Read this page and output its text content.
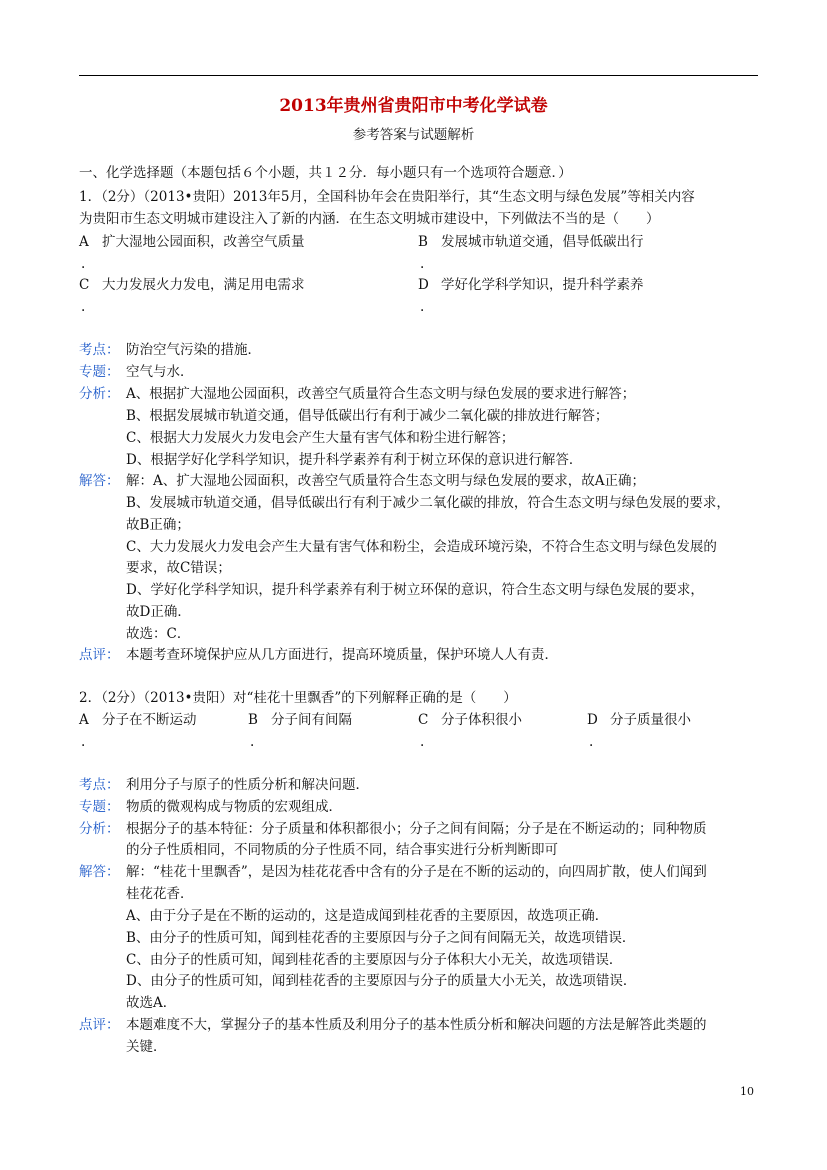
2013年贵州省贵阳市中考化学试卷
参考答案与试题解析
一、化学选择题（本题包括６个小题，共１２分．每小题只有一个选项符合题意．）
1．（2分）（2013•贵阳）2013年5月，全国科协年会在贵阳举行，其“生态文明与绿色发展”等相关内容
为贵阳市生态文明城市建设注入了新的内涵．在生态文明城市建设中，下列做法不当的是（　　）
A
.
扩大湿地公园面积，改善空气质量	B
.
发展城市轨道交通，倡导低碳出行
C
.
大力发展火力发电，满足用电需求	D
.
学好化学科学知识，提升科学素养
考点： 防治空气污染的措施．
专题： 空气与水．
分析： A、根据扩大湿地公园面积，改善空气质量符合生态文明与绿色发展的要求进行解答；
B、根据发展城市轨道交通，倡导低碳出行有利于减少二氧化碳的排放进行解答；
C、根据大力发展火力发电会产生大量有害气体和粉尘进行解答；
D、根据学好化学科学知识，提升科学素养有利于树立环保的意识进行解答．
解答： 解：A、扩大湿地公园面积，改善空气质量符合生态文明与绿色发展的要求，故A正确；
B、发展城市轨道交通，倡导低碳出行有利于减少二氧化碳的排放，符合生态文明与绿色发展的要求，
故B正确；
C、大力发展火力发电会产生大量有害气体和粉尘，会造成环境污染，不符合生态文明与绿色发展的
要求，故C错误；
D、学好化学科学知识，提升科学素养有利于树立环保的意识，符合生态文明与绿色发展的要求，
故D正确．
故选：C．
点评： 本题考查环境保护应从几方面进行，提高环境质量，保护环境人人有责．
2．（2分）（2013•贵阳）对“桂花十里飘香”的下列解释正确的是（　　）
A
.
分子在不断运动	B
.
分子间有间隔	C
.
分子体积很小	D
.
分子质量很小
考点： 利用分子与原子的性质分析和解决问题．
专题： 物质的微观构成与物质的宏观组成．
分析： 根据分子的基本特征：分子质量和体积都很小；分子之间有间隔；分子是在不断运动的；同种物质
的分子性质相同，不同物质的分子性质不同，结合事实进行分析判断即可
解答： 解：“桂花十里飘香”，是因为桂花花香中含有的分子是在不断的运动的，向四周扩散，使人们闻到
桂花花香．
A、由于分子是在不断的运动的，这是造成闻到桂花香的主要原因，故选项正确．
B、由分子的性质可知，闻到桂花香的主要原因与分子之间有间隔无关，故选项错误．
C、由分子的性质可知，闻到桂花香的主要原因与分子体积大小无关，故选项错误．
D、由分子的性质可知，闻到桂花香的主要原因与分子的质量大小无关，故选项错误．
故选A．
点评： 本题难度不大，掌握分子的基本性质及利用分子的基本性质分析和解决问题的方法是解答此类题的
关键．
10
